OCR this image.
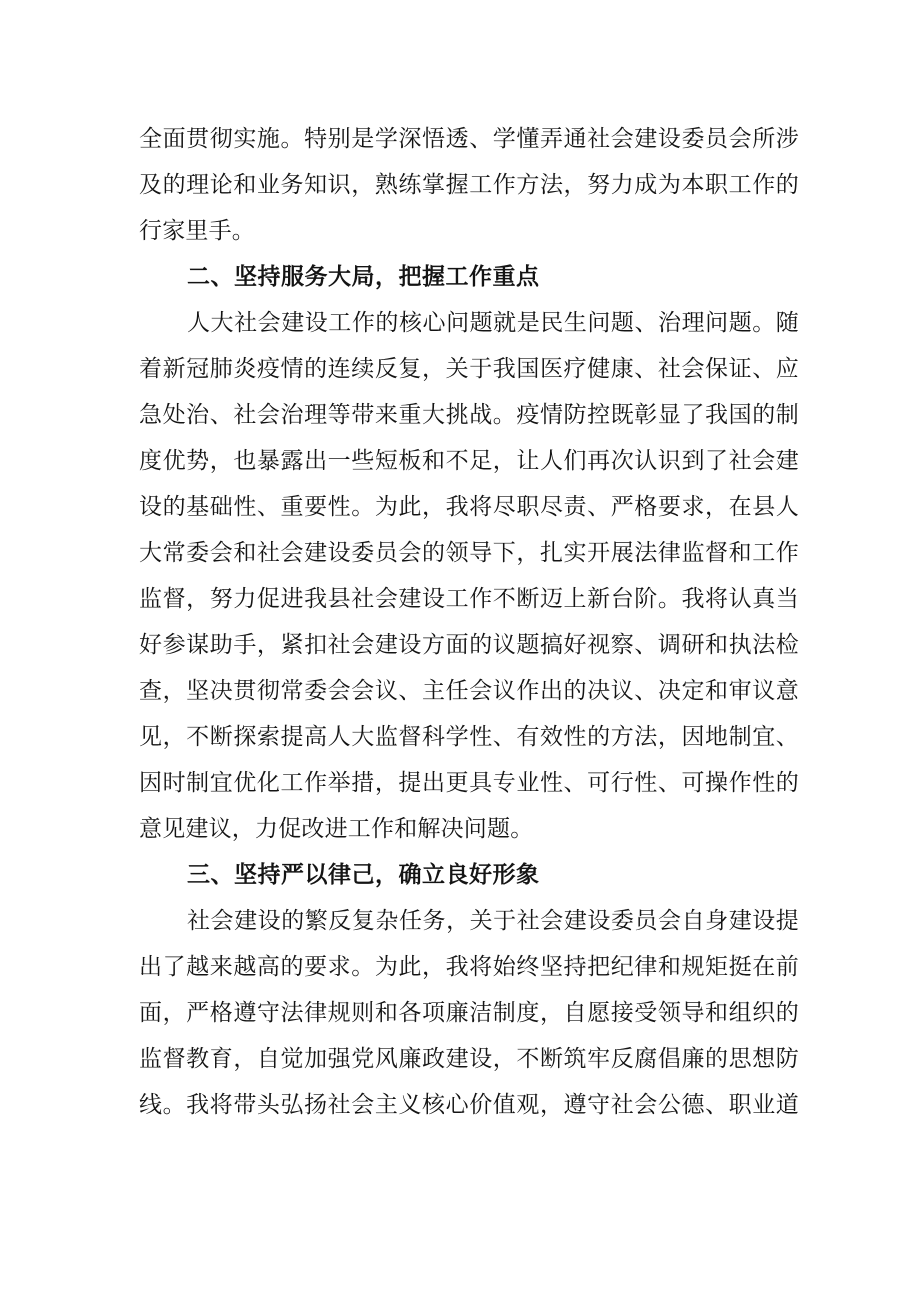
全面贯彻实施。特别是学深悟透、学懂弄通社会建设委员会所涉
及的理论和业务知识，熟练掌握工作方法，努力成为本职工作的
行家里手。
二、坚持服务大局，把握工作重点
人大社会建设工作的核心问题就是民生问题、治理问题。随
着新冠肺炎疫情的连续反复，关于我国医疗健康、社会保证、应
急处治、社会治理等带来重大挑战。疫情防控既彰显了我国的制
度优势，也暴露出一些短板和不足，让人们再次认识到了社会建
设的基础性、重要性。为此，我将尽职尽责、严格要求，在县人
大常委会和社会建设委员会的领导下，扎实开展法律监督和工作
监督，努力促进我县社会建设工作不断迈上新台阶。我将认真当
好参谋助手，紧扣社会建设方面的议题搞好视察、调研和执法检
查，坚决贯彻常委会会议、主任会议作出的决议、决定和审议意
见，不断探索提高人大监督科学性、有效性的方法，因地制宜、
因时制宜优化工作举措，提出更具专业性、可行性、可操作性的
意见建议，力促改进工作和解决问题。
三、坚持严以律己，确立良好形象
社会建设的繁反复杂任务，关于社会建设委员会自身建设提
出了越来越高的要求。为此，我将始终坚持把纪律和规矩挺在前
面，严格遵守法律规则和各项廉洁制度，自愿接受领导和组织的
监督教育，自觉加强党风廉政建设，不断筑牢反腐倡廉的思想防
线。我将带头弘扬社会主义核心价值观，遵守社会公德、职业道
